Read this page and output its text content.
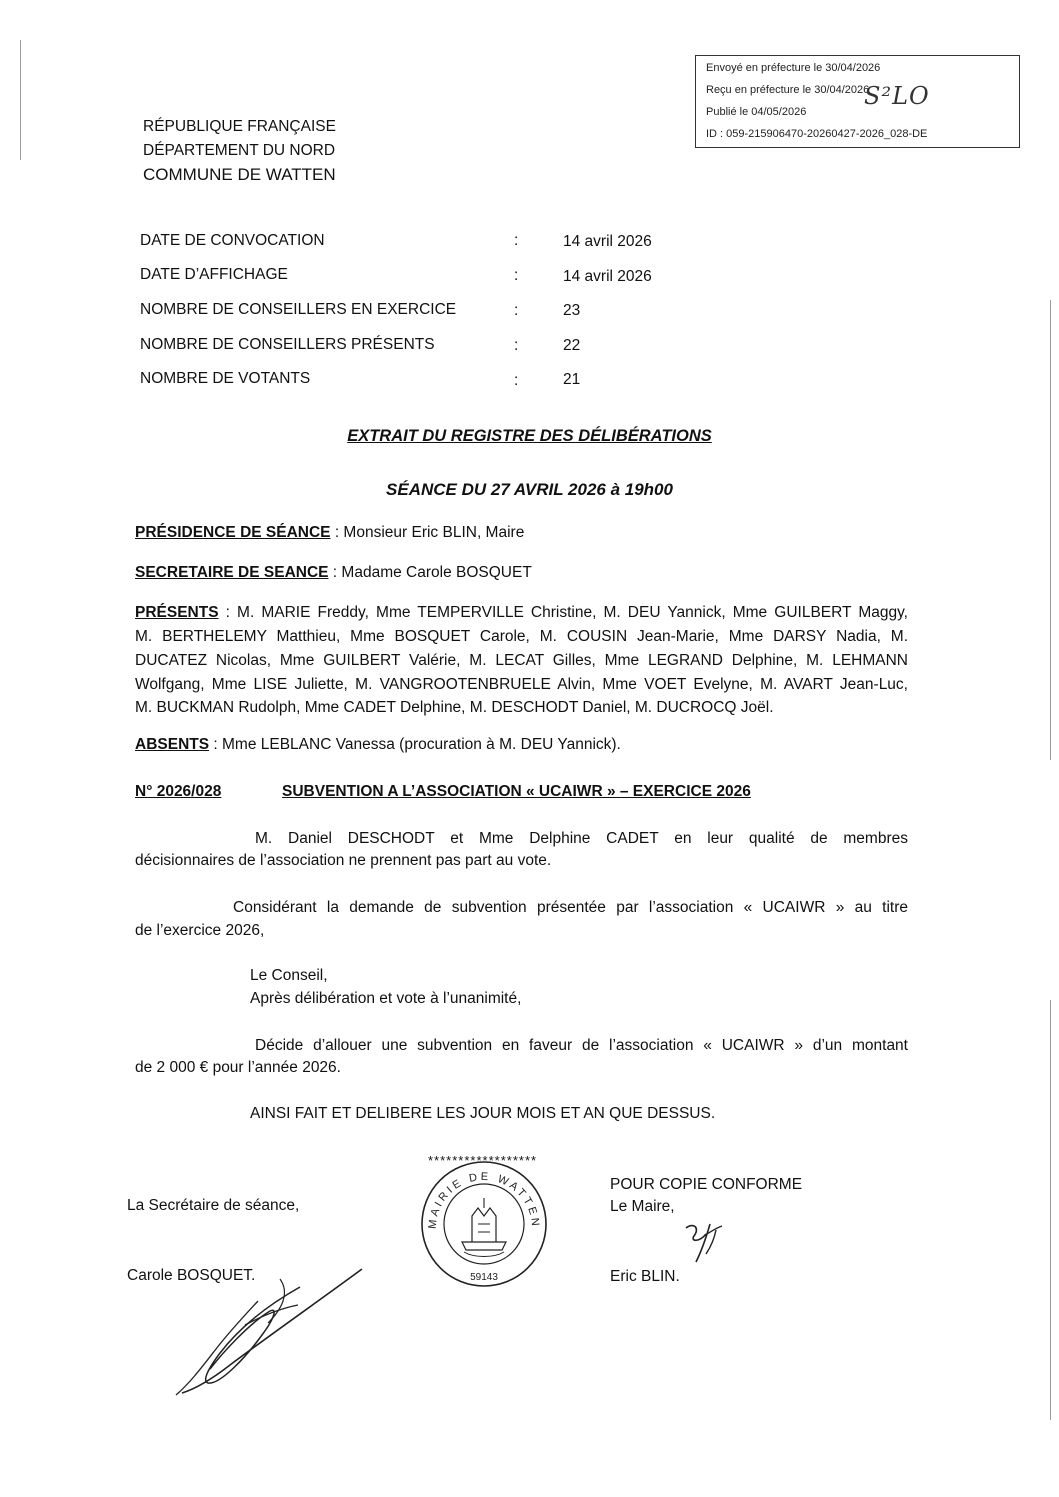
Envoyé en préfecture le 30/04/2026
Reçu en préfecture le 30/04/2026
Publié le 04/05/2026
ID : 059-215906470-20260427-2026_028-DE
S²LO
RÉPUBLIQUE FRANÇAISE
DÉPARTEMENT DU NORD
COMMUNE DE WATTEN
DATE DE CONVOCATION	:	14 avril 2026
DATE D’AFFICHAGE	:	14 avril 2026
NOMBRE DE CONSEILLERS EN EXERCICE	:	23
NOMBRE DE CONSEILLERS PRÉSENTS	:	22
NOMBRE DE VOTANTS	:	21
EXTRAIT DU REGISTRE DES DÉLIBÉRATIONS
SÉANCE DU 27 AVRIL 2026 à 19h00
PRÉSIDENCE DE SÉANCE : Monsieur Eric BLIN, Maire
SECRETAIRE DE SEANCE : Madame Carole BOSQUET
PRÉSENTS : M. MARIE Freddy, Mme TEMPERVILLE Christine, M. DEU Yannick, Mme GUILBERT Maggy,
M. BERTHELEMY Matthieu, Mme BOSQUET Carole, M. COUSIN Jean-Marie, Mme DARSY Nadia, M.
DUCATEZ Nicolas, Mme GUILBERT Valérie, M. LECAT Gilles, Mme LEGRAND Delphine, M. LEHMANN
Wolfgang, Mme LISE Juliette, M. VANGROOTENBRUELE Alvin, Mme VOET Evelyne, M. AVART Jean-Luc,
M. BUCKMAN Rudolph, Mme CADET Delphine, M. DESCHODT Daniel, M. DUCROCQ Joël.
ABSENTS : Mme LEBLANC Vanessa (procuration à M. DEU Yannick).
N° 2026/028	SUBVENTION A L’ASSOCIATION « UCAIWR » – EXERCICE 2026
M. Daniel DESCHODT et Mme Delphine CADET en leur qualité de membres
décisionnaires de l’association ne prennent pas part au vote.
Considérant la demande de subvention présentée par l’association « UCAIWR » au titre
de l’exercice 2026,
Le Conseil,
Après délibération et vote à l’unanimité,
Décide d’allouer une subvention en faveur de l’association « UCAIWR » d’un montant
de 2 000 € pour l’année 2026.
AINSI FAIT ET DELIBERE LES JOUR MOIS ET AN QUE DESSUS.
******************
La Secrétaire de séance,
Carole BOSQUET.
POUR COPIE CONFORME
Le Maire,
Eric BLIN.
MAIRIE DE WATTEN
59143
